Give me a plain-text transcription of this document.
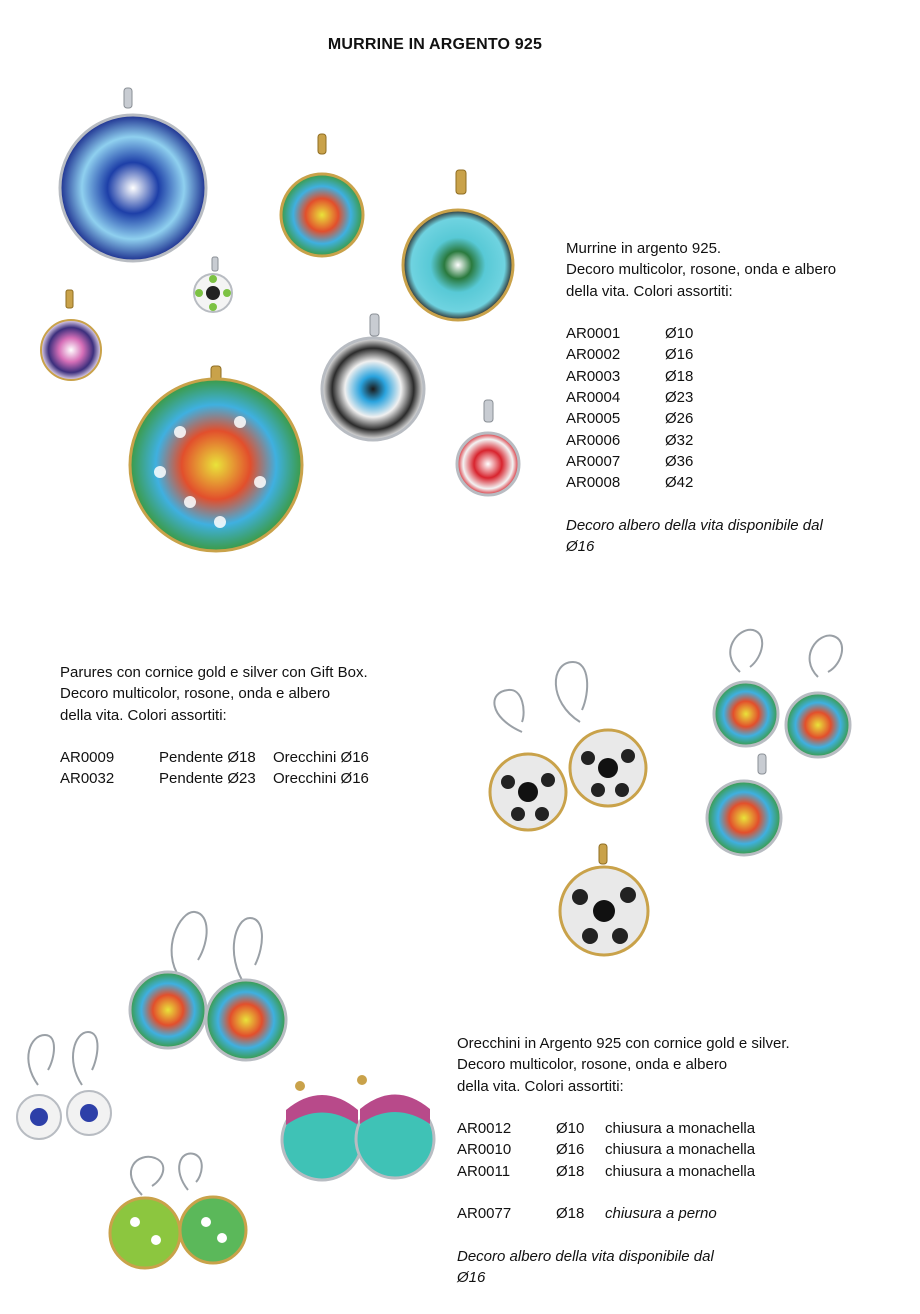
MURRINE IN ARGENTO 925
Murrine in argento 925.
Decoro multicolor, rosone, onda e albero
della vita. Colori assortiti:
AR0001	Ø10
AR0002	Ø16
AR0003	Ø18
AR0004	Ø23
AR0005	Ø26
AR0006	Ø32
AR0007	Ø36
AR0008	Ø42
Decoro albero della vita disponibile dal
Ø16
Parures con cornice gold e silver con Gift Box.
Decoro multicolor, rosone, onda e albero
della vita. Colori assortiti:
AR0009	Pendente Ø18 Orecchini Ø16
AR0032	Pendente Ø23 Orecchini Ø16
Orecchini in Argento 925 con cornice gold e silver.
Decoro multicolor, rosone, onda e albero
della vita. Colori assortiti:
AR0012	Ø10 chiusura a monachella
AR0010	Ø16 chiusura a monachella
AR0011	Ø18 chiusura a monachella
AR0077	Ø18 chiusura a perno
Decoro albero della vita disponibile dal
Ø16
